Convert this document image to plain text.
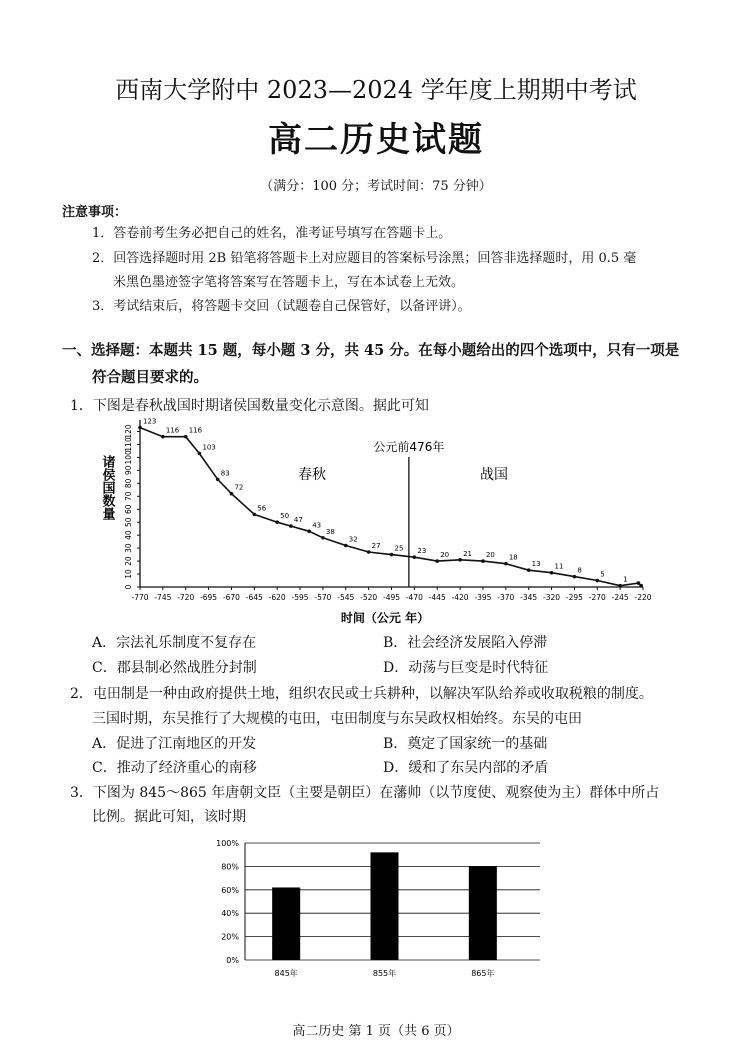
西南大学附中 2023—2024 学年度上期期中考试
高二历史试题
（满分：100 分；考试时间：75 分钟）
注意事项：
1．答卷前考生务必把自己的姓名，准考证号填写在答题卡上。
2．回答选择题时用 2B 铅笔将答题卡上对应题目的答案标号涂黑；回答非选择题时，用 0.5 毫
米黑色墨迹签字笔将答案写在答题卡上，写在本试卷上无效。
3．考试结束后，将答题卡交回（试题卷自己保管好，以备评讲）。
一、选择题：本题共 15 题，每小题 3 分，共 45 分。在每小题给出的四个选项中，只有一项是
符合题目要求的。
1．下图是春秋战国时期诸侯国数量变化示意图。据此可知
诸侯国数量
时间（公元 年）
0
10
20
30
40
50
60
70
80
90
100
110
120
-770 -745 -720 -695 -670 -645 -620 -595 -570 -545 -520 -495 -470 -445 -420 -395 -370 -345 -320 -295 -270 -245 -220
公元前476年
春秋	战国
123
116 116
103
83
72
56
50 47
43
38
32
27 25 23 20 21 20 18
13 11 8	5
1
A．宗法礼乐制度不复存在	B．社会经济发展陷入停滞
C．郡县制必然战胜分封制	D．动荡与巨变是时代特征
2．屯田制是一种由政府提供土地，组织农民或士兵耕种，以解决军队给养或收取税粮的制度。
三国时期，东吴推行了大规模的屯田，屯田制度与东吴政权相始终。东吴的屯田
A．促进了江南地区的开发	B．奠定了国家统一的基础
C．推动了经济重心的南移	D．缓和了东吴内部的矛盾
3．下图为 845～865 年唐朝文臣（主要是朝臣）在藩帅（以节度使、观察使为主）群体中所占
比例。据此可知，该时期
0%
20%
40%
60%
80%
100%
845年	855年	865年
高二历史 第 1 页（共 6 页）
